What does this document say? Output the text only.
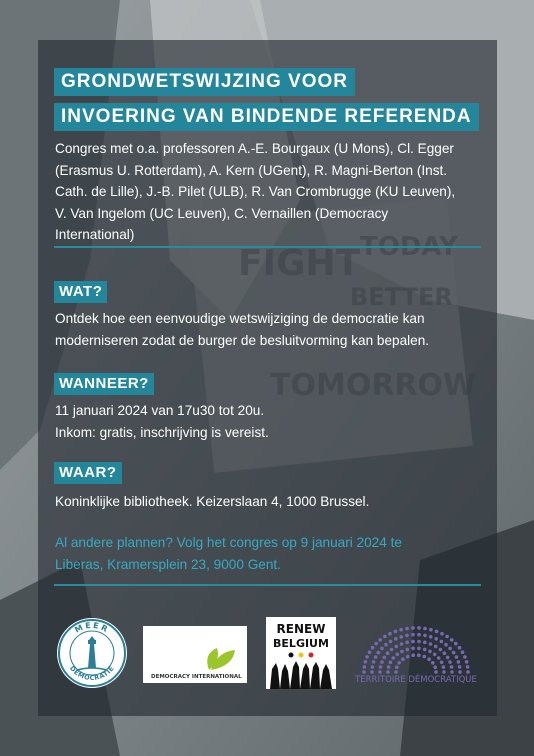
GRONDWETSWIJZING VOOR
INVOERING VAN BINDENDE REFERENDA
Congres met o.a. professoren A.-E. Bourgaux (U Mons), Cl. Egger
(Erasmus U. Rotterdam), A. Kern (UGent), R. Magni-Berton (Inst.
Cath. de Lille), J.-B. Pilet (ULB), R. Van Crombrugge (KU Leuven),
V. Van Ingelom (UC Leuven), C. Vernaillen (Democracy
International)
WAT?
Ontdek hoe een eenvoudige wetswijziging de democratie kan
moderniseren zodat de burger de besluitvorming kan bepalen.
WANNEER?
11 januari 2024 van 17u30 tot 20u.
Inkom: gratis, inschrijving is vereist.
WAAR?
Koninklijke bibliotheek. Keizerslaan 4, 1000 Brussel.
Al andere plannen? Volg het congres op 9 januari 2024 te
Liberas, Kramersplein 23, 9000 Gent.
MEER
DEMOCRATIE
DEMOCRACY INTERNATIONAL
RENEW
BELGIUM
TERRITOIRE DÉMOCRATIQUE
